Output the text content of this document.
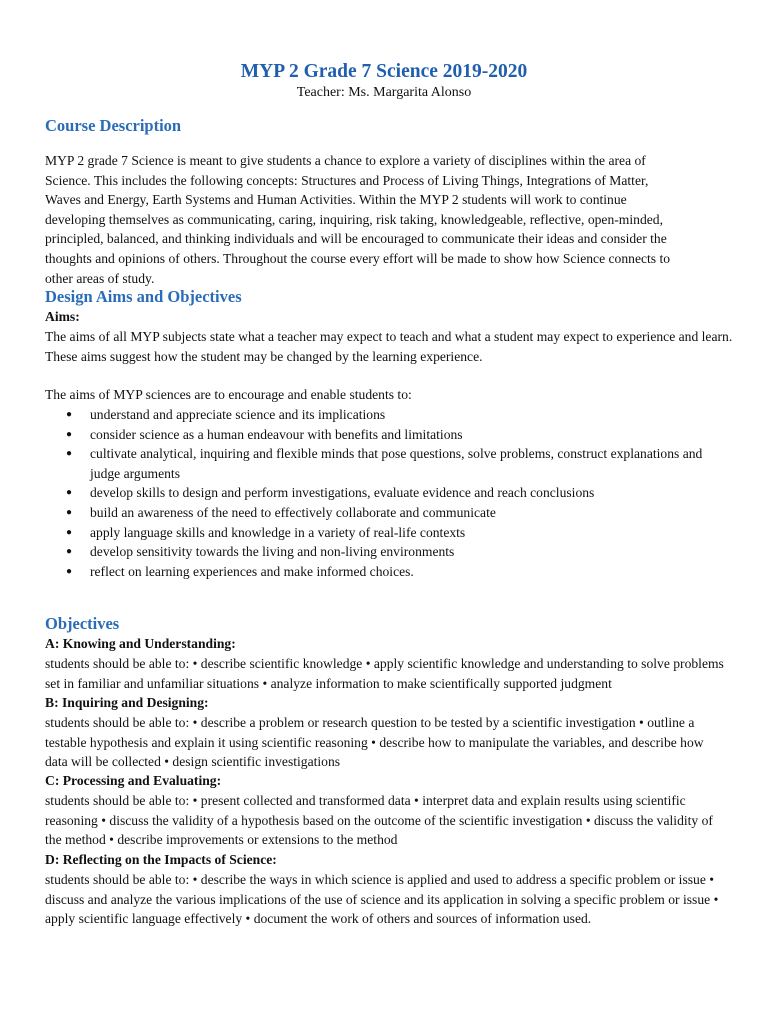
MYP 2 Grade 7 Science 2019-2020
Teacher: Ms. Margarita Alonso
Course Description

MYP 2 grade 7 Science is meant to give students a chance to explore a variety of disciplines within the area of Science. This includes the following concepts: Structures and Process of Living Things, Integrations of Matter, Waves and Energy, Earth Systems and Human Activities. Within the MYP 2 students will work to continue developing themselves as communicating, caring, inquiring, risk taking, knowledgeable, reflective, open-minded, principled, balanced, and thinking individuals and will be encouraged to communicate their ideas and consider the thoughts and opinions of others. Throughout the course every effort will be made to show how Science connects to other areas of study.

Design Aims and Objectives
Aims:

The aims of all MYP subjects state what a teacher may expect to teach and what a student may expect to experience and learn. These aims suggest how the student may be changed by the learning experience.

The aims of MYP sciences are to encourage and enable students to:

● understand and appreciate science and its implications
● consider science as a human endeavour with benefits and limitations
● cultivate analytical, inquiring and flexible minds that pose questions, solve problems, construct explanations and judge arguments
● develop skills to design and perform investigations, evaluate evidence and reach conclusions
● build an awareness of the need to effectively collaborate and communicate
● apply language skills and knowledge in a variety of real-life contexts
● develop sensitivity towards the living and non-living environments
● reflect on learning experiences and make informed choices.
Objectives
A: Knowing and Understanding:

students should be able to: • describe scientific knowledge • apply scientific knowledge and understanding to solve problems set in familiar and unfamiliar situations • analyze information to make scientifically supported judgment

B: Inquiring and Designing:

students should be able to: • describe a problem or research question to be tested by a scientific investigation • outline a testable hypothesis and explain it using scientific reasoning • describe how to manipulate the variables, and describe how data will be collected • design scientific investigations

C: Processing and Evaluating:

students should be able to: • present collected and transformed data • interpret data and explain results using scientific reasoning • discuss the validity of a hypothesis based on the outcome of the scientific investigation • discuss the validity of the method • describe improvements or extensions to the method

D: Reflecting on the Impacts of Science:

students should be able to: • describe the ways in which science is applied and used to address a specific problem or issue • discuss and analyze the various implications of the use of science and its application in solving a specific problem or issue • apply scientific language effectively • document the work of others and sources of information used.
